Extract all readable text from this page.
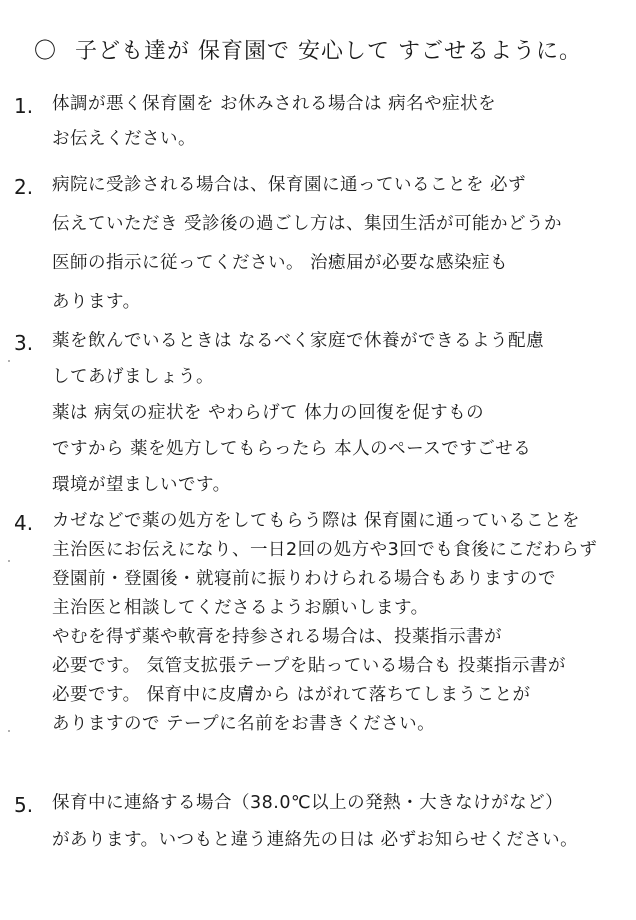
〇 子ども達が 保育園で 安心して すごせるように。
1.	体調が悪く保育園を お休みされる場合は 病名や症状を
お伝えください。
2.	病院に受診される場合は、保育園に通っていることを 必ず
伝えていただき 受診後の過ごし方は、集団生活が可能かどうか
医師の指示に従ってください。 治癒届が必要な感染症も
あります。
3.	薬を飲んでいるときは なるべく家庭で休養ができるよう配慮
してあげましょう。
薬は 病気の症状を やわらげて 体力の回復を促すもの
ですから 薬を処方してもらったら 本人のペースですごせる
環境が望ましいです。
4.	カゼなどで薬の処方をしてもらう際は 保育園に通っていることを
主治医にお伝えになり、一日2回の処方や3回でも食後にこだわらず
登園前・登園後・就寝前に振りわけられる場合もありますので
主治医と相談してくださるようお願いします。
やむを得ず薬や軟膏を持参される場合は、投薬指示書が
必要です。 気管支拡張テープを貼っている場合も 投薬指示書が
必要です。 保育中に皮膚から はがれて落ちてしまうことが
ありますので テープに名前をお書きください。
5.	保育中に連絡する場合（38.0℃以上の発熱・大きなけがなど）
があります。いつもと違う連絡先の日は 必ずお知らせください。
